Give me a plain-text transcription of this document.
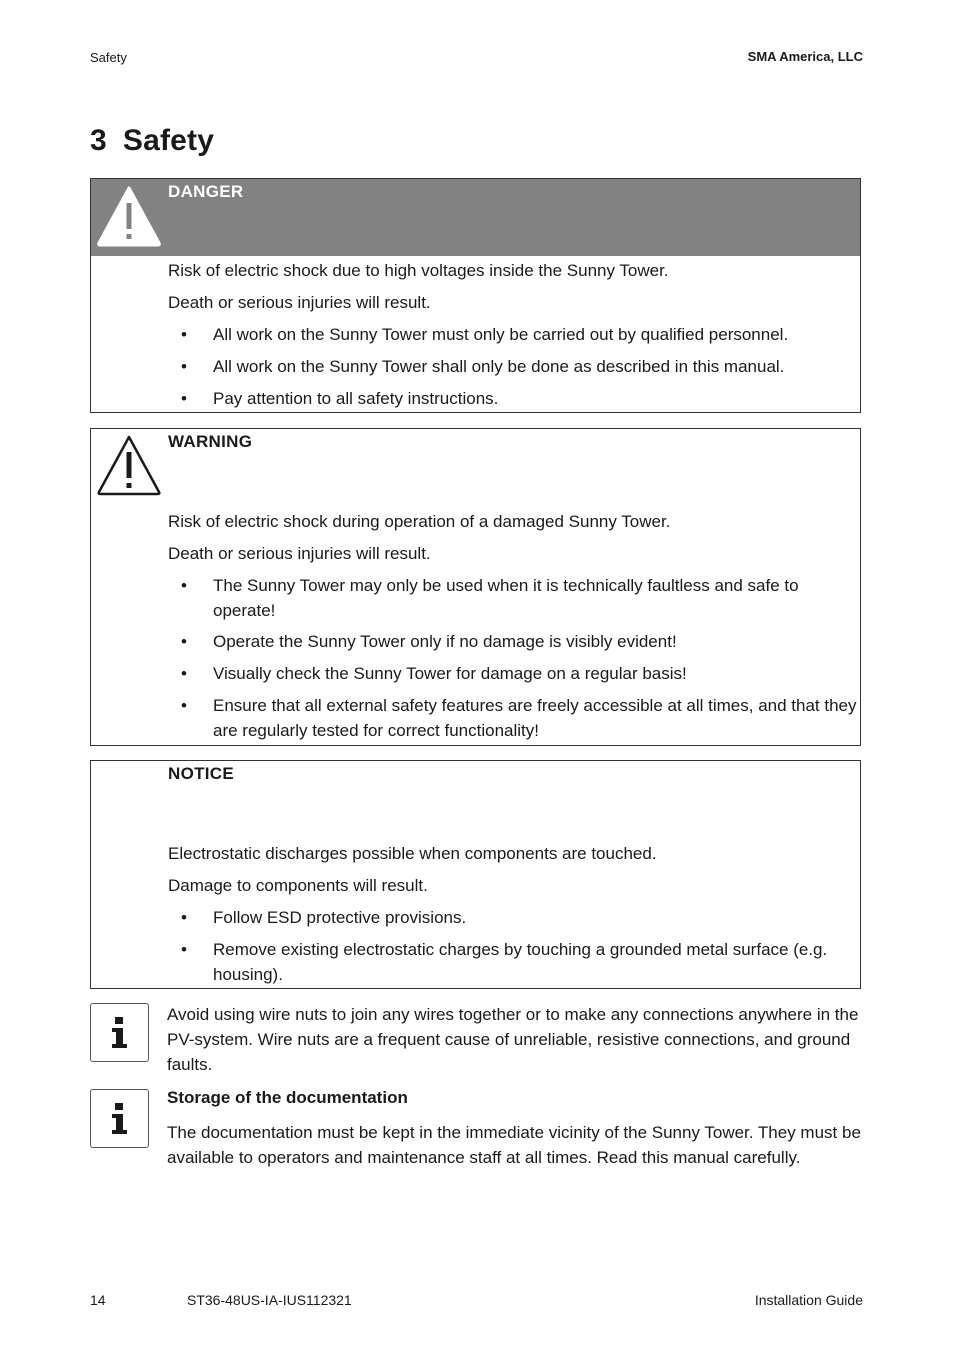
Safety	SMA America, LLC
3 Safety
DANGER
Risk of electric shock due to high voltages inside the Sunny Tower.
Death or serious injuries will result.
• All work on the Sunny Tower must only be carried out by qualified personnel.
• All work on the Sunny Tower shall only be done as described in this manual.
• Pay attention to all safety instructions.
WARNING
Risk of electric shock during operation of a damaged Sunny Tower.
Death or serious injuries will result.
• The Sunny Tower may only be used when it is technically faultless and safe to operate!
• Operate the Sunny Tower only if no damage is visibly evident!
• Visually check the Sunny Tower for damage on a regular basis!
• Ensure that all external safety features are freely accessible at all times, and that they are regularly tested for correct functionality!
NOTICE
Electrostatic discharges possible when components are touched.
Damage to components will result.
• Follow ESD protective provisions.
• Remove existing electrostatic charges by touching a grounded metal surface (e.g. housing).
Avoid using wire nuts to join any wires together or to make any connections anywhere in the PV-system. Wire nuts are a frequent cause of unreliable, resistive connections, and ground faults.
Storage of the documentation
The documentation must be kept in the immediate vicinity of the Sunny Tower. They must be available to operators and maintenance staff at all times. Read this manual carefully.
14	ST36-48US-IA-IUS112321	Installation Guide
